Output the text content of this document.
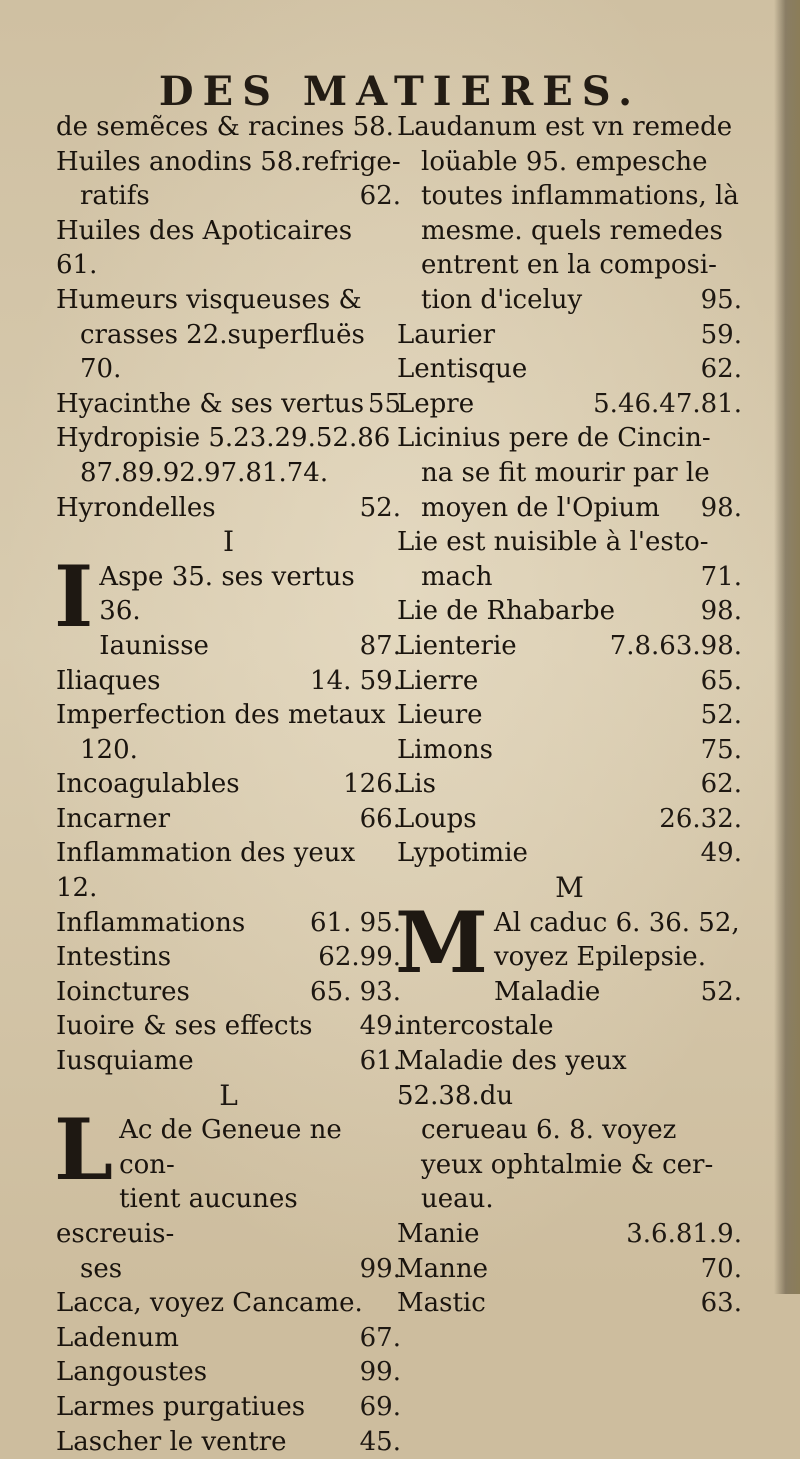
DES MATIERES.
de semẽces & racines 58.
Huiles anodins 58.refrige-
62.
ratifs
Huiles des Apoticaires 61.
Humeurs visqueuses &
crasses 22.superfluës 70.
55
Hyacinthe & ses vertus
Hydropisie 5.23.29.52.86
87.89.92.97.81.74.
52.
Hyrondelles
I
I Aspe 35. ses vertus 36.
87.
Iaunisse
14. 59.
Iliaques
Imperfection des metaux
120.
126.
Incoagulables
66.
Incarner
Inflammation des yeux 12.
61. 95.
Inflammations
62.99.
Intestins
65. 93.
Ioinctures
49.
Iuoire & ses effects
61.
Iusquiame
L
L Ac de Geneue ne con-
tient aucunes escreuis-
99.
ses
Lacca, voyez Cancame.
67.
Ladenum
99.
Langoustes
69.
Larmes purgatiues
45.
Lascher le ventre
Laudanum est vn remede
loüable 95. empesche
toutes inflammations, là
mesme. quels remedes
entrent en la composi-
95.
tion d'iceluy
59.
Laurier
62.
Lentisque
5.46.47.81.
Lepre
Licinius pere de Cincin-
na se fit mourir par le
98.
moyen de l'Opium
Lie est nuisible à l'esto-
71.
mach
98.
Lie de Rhabarbe
7.8.63.98.
Lienterie
65.
Lierre
52.
Lieure
75.
Limons
62.
Lis
26.32.
Loups
49.
Lypotimie
M
M Al caduc 6. 36. 52,
voyez Epilepsie.
52.
Maladie intercostale
Maladie des yeux 52.38.du
cerueau 6. 8. voyez
yeux ophtalmie & cer-
ueau.
3.6.81.9.
Manie
70.
Manne
63.
Mastic
